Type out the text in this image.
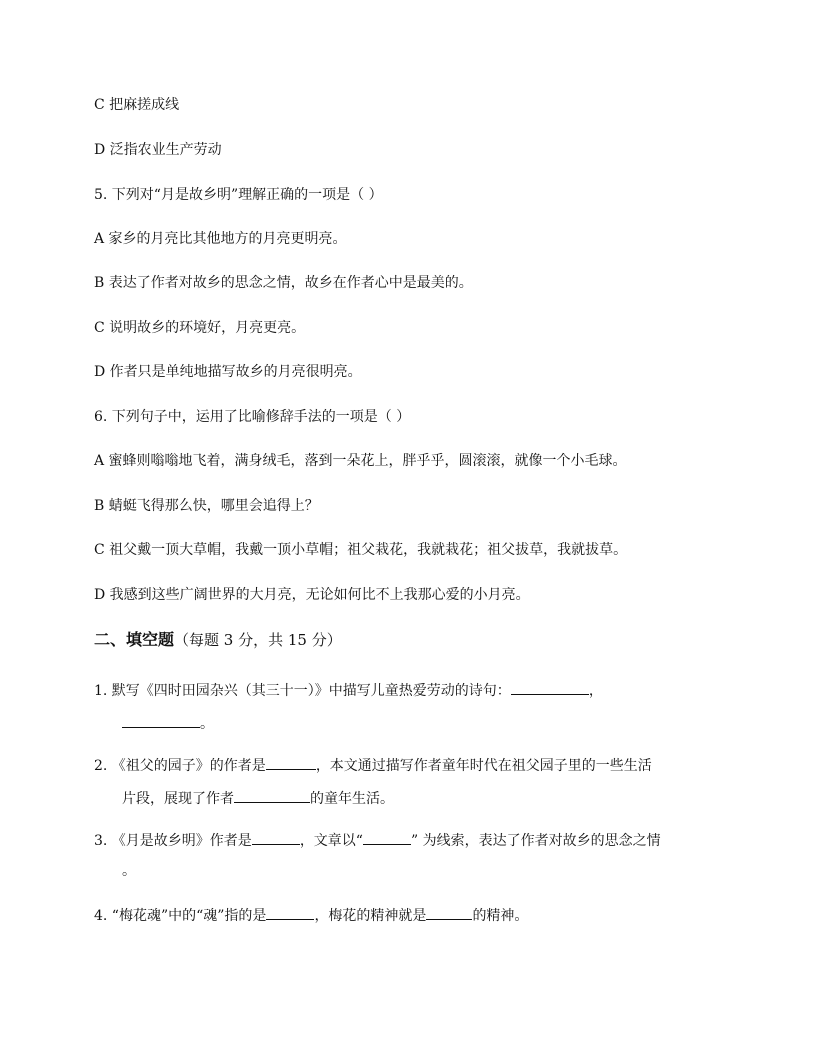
C 把麻搓成线
D 泛指农业生产劳动
5. 下列对“月是故乡明”理解正确的一项是（ ）
A 家乡的月亮比其他地方的月亮更明亮。
B 表达了作者对故乡的思念之情，故乡在作者心中是最美的。
C 说明故乡的环境好，月亮更亮。
D 作者只是单纯地描写故乡的月亮很明亮。
6. 下列句子中，运用了比喻修辞手法的一项是（ ）
A 蜜蜂则嗡嗡地飞着，满身绒毛，落到一朵花上，胖乎乎，圆滚滚，就像一个小毛球。
B 蜻蜓飞得那么快，哪里会追得上？
C 祖父戴一顶大草帽，我戴一顶小草帽；祖父栽花，我就栽花；祖父拔草，我就拔草。
D 我感到这些广阔世界的大月亮，无论如何比不上我那心爱的小月亮。
二、填空题（每题 3 分，共 15 分）
1. 默写《四时田园杂兴（其三十一）》中描写儿童热爱劳动的诗句：	，
。
2. 《祖父的园子》的作者是	，本文通过描写作者童年时代在祖父园子里的一些生活
片段，展现了作者	的童年生活。
3. 《月是故乡明》作者是	，文章以“	” 为线索，表达了作者对故乡的思念之情
。
4. “梅花魂”中的“魂”指的是	，梅花的精神就是	的精神。
